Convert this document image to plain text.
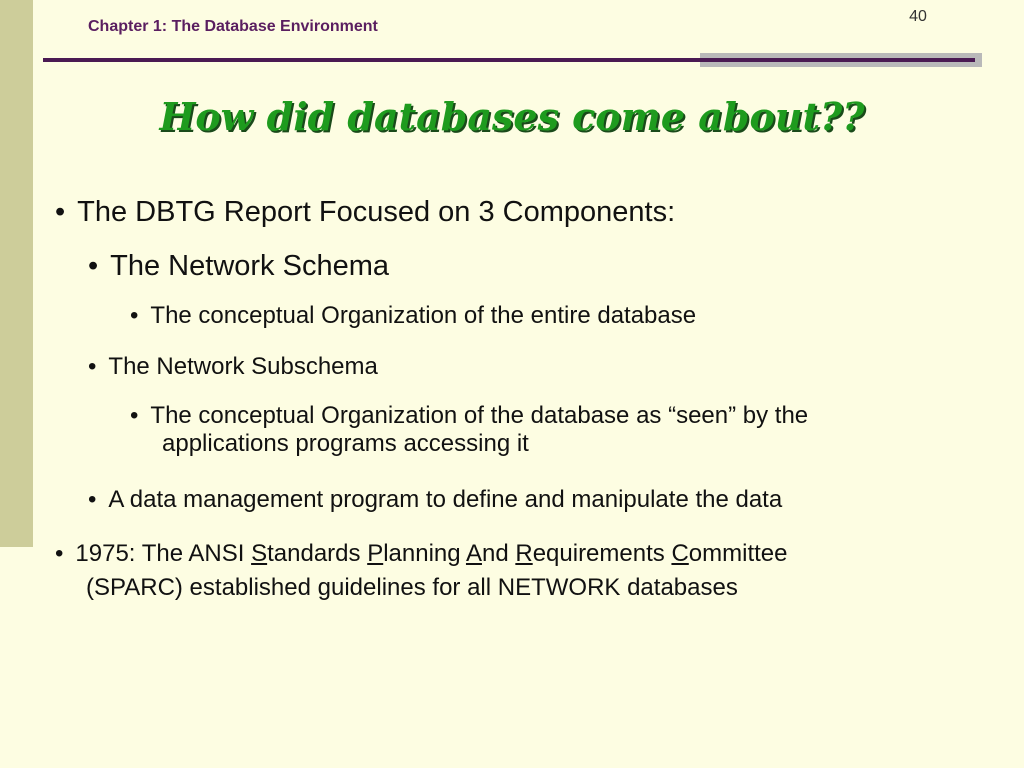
Chapter 1: The Database Environment
40
How did databases come about??
• The DBTG Report Focused on 3 Components:
• The Network Schema
• The conceptual Organization of the entire database
• The Network Subschema
• The conceptual Organization of the database as “seen” by the
applications programs accessing it
• A data management program to define and manipulate the data
• 1975: The ANSI Standards Planning And Requirements Committee
(SPARC) established guidelines for all NETWORK databases
